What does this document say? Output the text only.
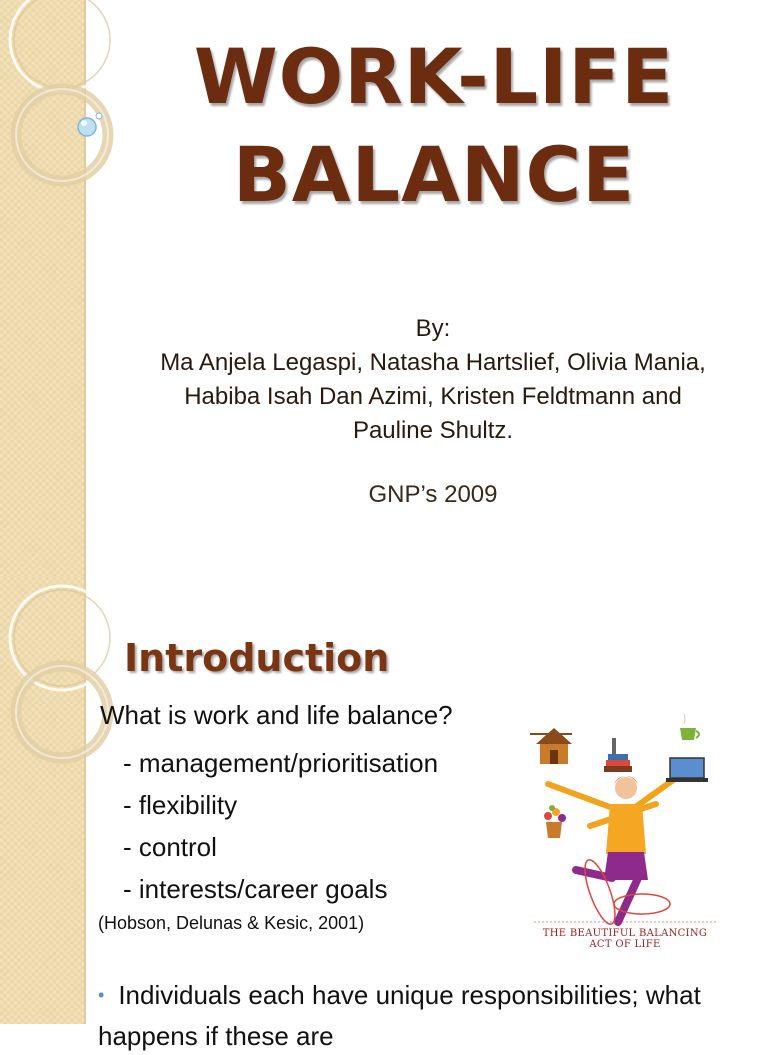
WORK-LIFE
BALANCE

By:

Ma Anjela Legaspi, Natasha Hartslief, Olivia Mania, Habiba Isah Dan Azimi, Kristen Feldtmann and Pauline Shultz.

GNP’s 2009

Introduction
What is work and life balance?
- management/prioritisation
- flexibility
- control
- interests/career goals
(Hobson, Delunas & Kesic, 2001)
THE BEAUTIFUL BALANCING ACT OF LIFE
• Individuals each have unique responsibilities; what happens if these are
